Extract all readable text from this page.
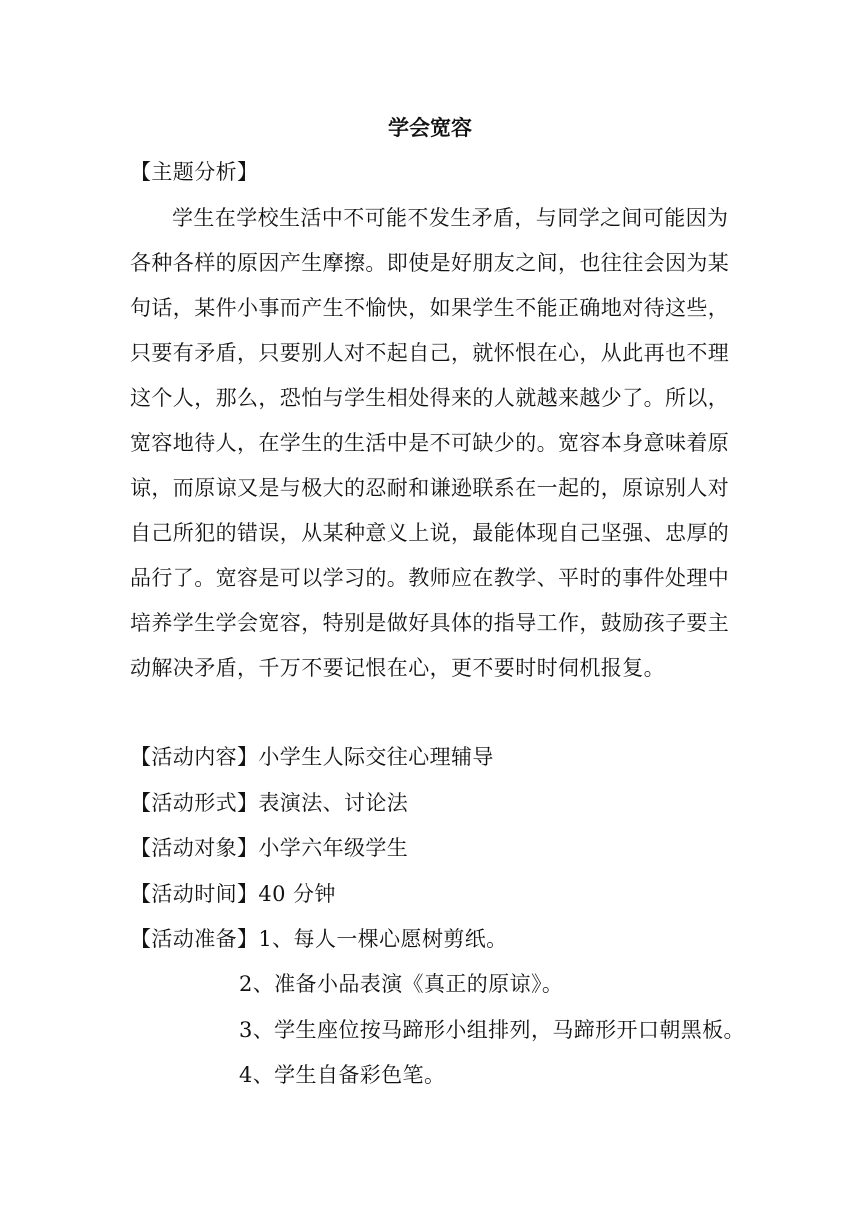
学会宽容
【主题分析】
学生在学校生活中不可能不发生矛盾，与同学之间可能因为
各种各样的原因产生摩擦。即使是好朋友之间，也往往会因为某
句话，某件小事而产生不愉快，如果学生不能正确地对待这些，
只要有矛盾，只要别人对不起自己，就怀恨在心，从此再也不理
这个人，那么，恐怕与学生相处得来的人就越来越少了。所以，
宽容地待人，在学生的生活中是不可缺少的。宽容本身意味着原
谅，而原谅又是与极大的忍耐和谦逊联系在一起的，原谅别人对
自己所犯的错误，从某种意义上说，最能体现自己坚强、忠厚的
品行了。宽容是可以学习的。教师应在教学、平时的事件处理中
培养学生学会宽容，特别是做好具体的指导工作，鼓励孩子要主
动解决矛盾，千万不要记恨在心，更不要时时伺机报复。
【活动内容】小学生人际交往心理辅导
【活动形式】表演法、讨论法
【活动对象】小学六年级学生
【活动时间】40 分钟
【活动准备】1、每人一棵心愿树剪纸。
2、准备小品表演《真正的原谅》。
3、学生座位按马蹄形小组排列，马蹄形开口朝黑板。
4、学生自备彩色笔。
